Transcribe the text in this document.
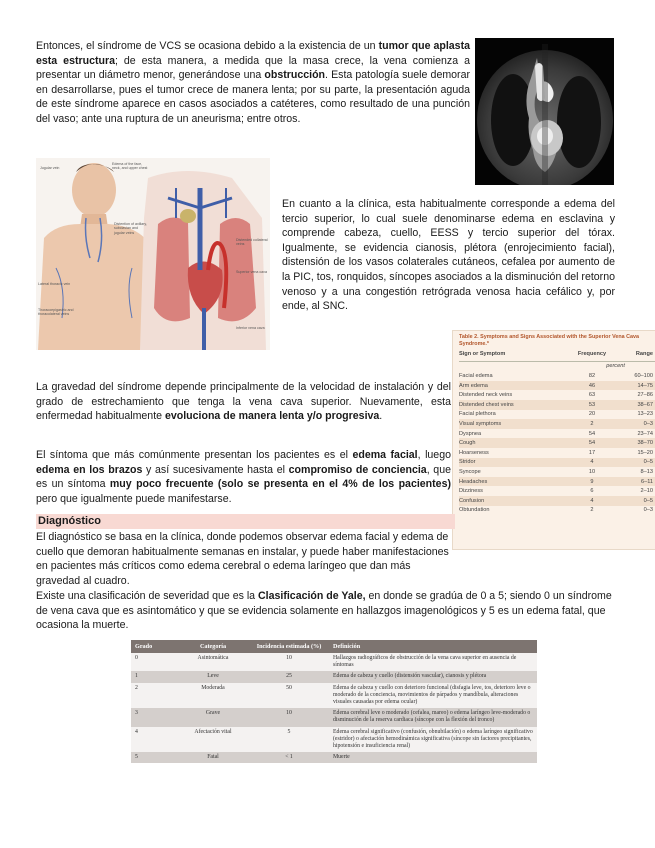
Entonces, el síndrome de VCS se ocasiona debido a la existencia de un tumor que aplasta esta estructura; de esta manera, a medida que la masa crece, la vena comienza a presentar un diámetro menor, generándose una obstrucción. Esta patología suele demorar en desarrollarse, pues el tumor crece de manera lenta; por su parte, la presentación aguda de este síndrome aparece en casos asociados a catéteres, como resultado de una punción del vaso; ante una ruptura de un aneurisma; entre otros.

Jugular vein
Edema of the face, neck, and upper chest
Distention of axillary, subclavian and jugular veins
Distended collateral veins
Superior vena cava
Lateral thoracic vein
Thoracoepigastric and thoracolateral veins
Inferior vena cava

En cuanto a la clínica, esta habitualmente corresponde a edema del tercio superior, lo cual suele denominarse edema en esclavina y comprende cabeza, cuello, EESS y tercio superior del tórax. Igualmente, se evidencia cianosis, plétora (enrojecimiento facial), distensión de los vasos colaterales cutáneos, cefalea por aumento de la PIC, tos, ronquidos, síncopes asociados a la disminución del retorno venoso y a una congestión retrógrada venosa hacia cefálico y, por ende, al SNC.

Table 2. Symptoms and Signs Associated with the Superior Vena Cava Syndrome.*
Sign or Symptom	Frequency	Range
	percent	
Facial edema	82	60–100
Arm edema	46	14–75
Distended neck veins	63	27–86
Distended chest veins	53	38–67
Facial plethora	20	13–23
Visual symptoms	2	0–3
Dyspnea	54	23–74
Cough	54	38–70
Hoarseness	17	15–20
Stridor	4	0–5
Syncope	10	8–13
Headaches	9	6–11
Dizziness	6	2–10
Confusion	4	0–5
Obtundation	2	0–3

La gravedad del síndrome depende principalmente de la velocidad de instalación y del grado de estrechamiento que tenga la vena cava superior. Nuevamente, esta enfermedad habitualmente evoluciona de manera lenta y/o progresiva.

El síntoma que más comúnmente presentan los pacientes es el edema facial, luego edema en los brazos y así sucesivamente hasta el compromiso de conciencia, que es un síntoma muy poco frecuente (solo se presenta en el 4% de los pacientes) pero que igualmente puede manifestarse.

Diagnóstico

El diagnóstico se basa en la clínica, donde podemos observar edema facial y edema de cuello que demoran habitualmente semanas en instalar, y puede haber manifestaciones en pacientes más críticos como edema cerebral o edema laríngeo que dan más gravedad al cuadro.

Existe una clasificación de severidad que es la Clasificación de Yale, en donde se gradúa de 0 a 5; siendo 0 un síndrome de vena cava que es asintomático y que se evidencia solamente en hallazgos imagenológicos y 5 es un edema fatal, que ocasiona la muerte.

Grado	Categoría	Incidencia estimada (%)	Definición
0	Asintomática	10	Hallazgos radiográficos de obstrucción de la vena cava superior en ausencia de síntomas
1	Leve	25	Edema de cabeza y cuello (distensión vascular), cianosis y plétora
2	Moderada	50	Edema de cabeza y cuello con deterioro funcional (disfagia leve, tos, deterioro leve o moderado de la conciencia, movimientos de párpados y mandíbula, alteraciones visuales causadas por edema ocular)
3	Grave	10	Edema cerebral leve o moderado (cefalea, mareo) o edema laríngeo leve-moderado o disminución de la reserva cardiaca (síncope con la flexión del tronco)
4	Afectación vital	5	Edema cerebral significativo (confusión, obnubilación) o edema laríngeo significativo (estridor) o afectación hemodinámica significativa (síncope sin factores precipitantes, hipotensión e insuficiencia renal)
5	Fatal	< 1	Muerte
